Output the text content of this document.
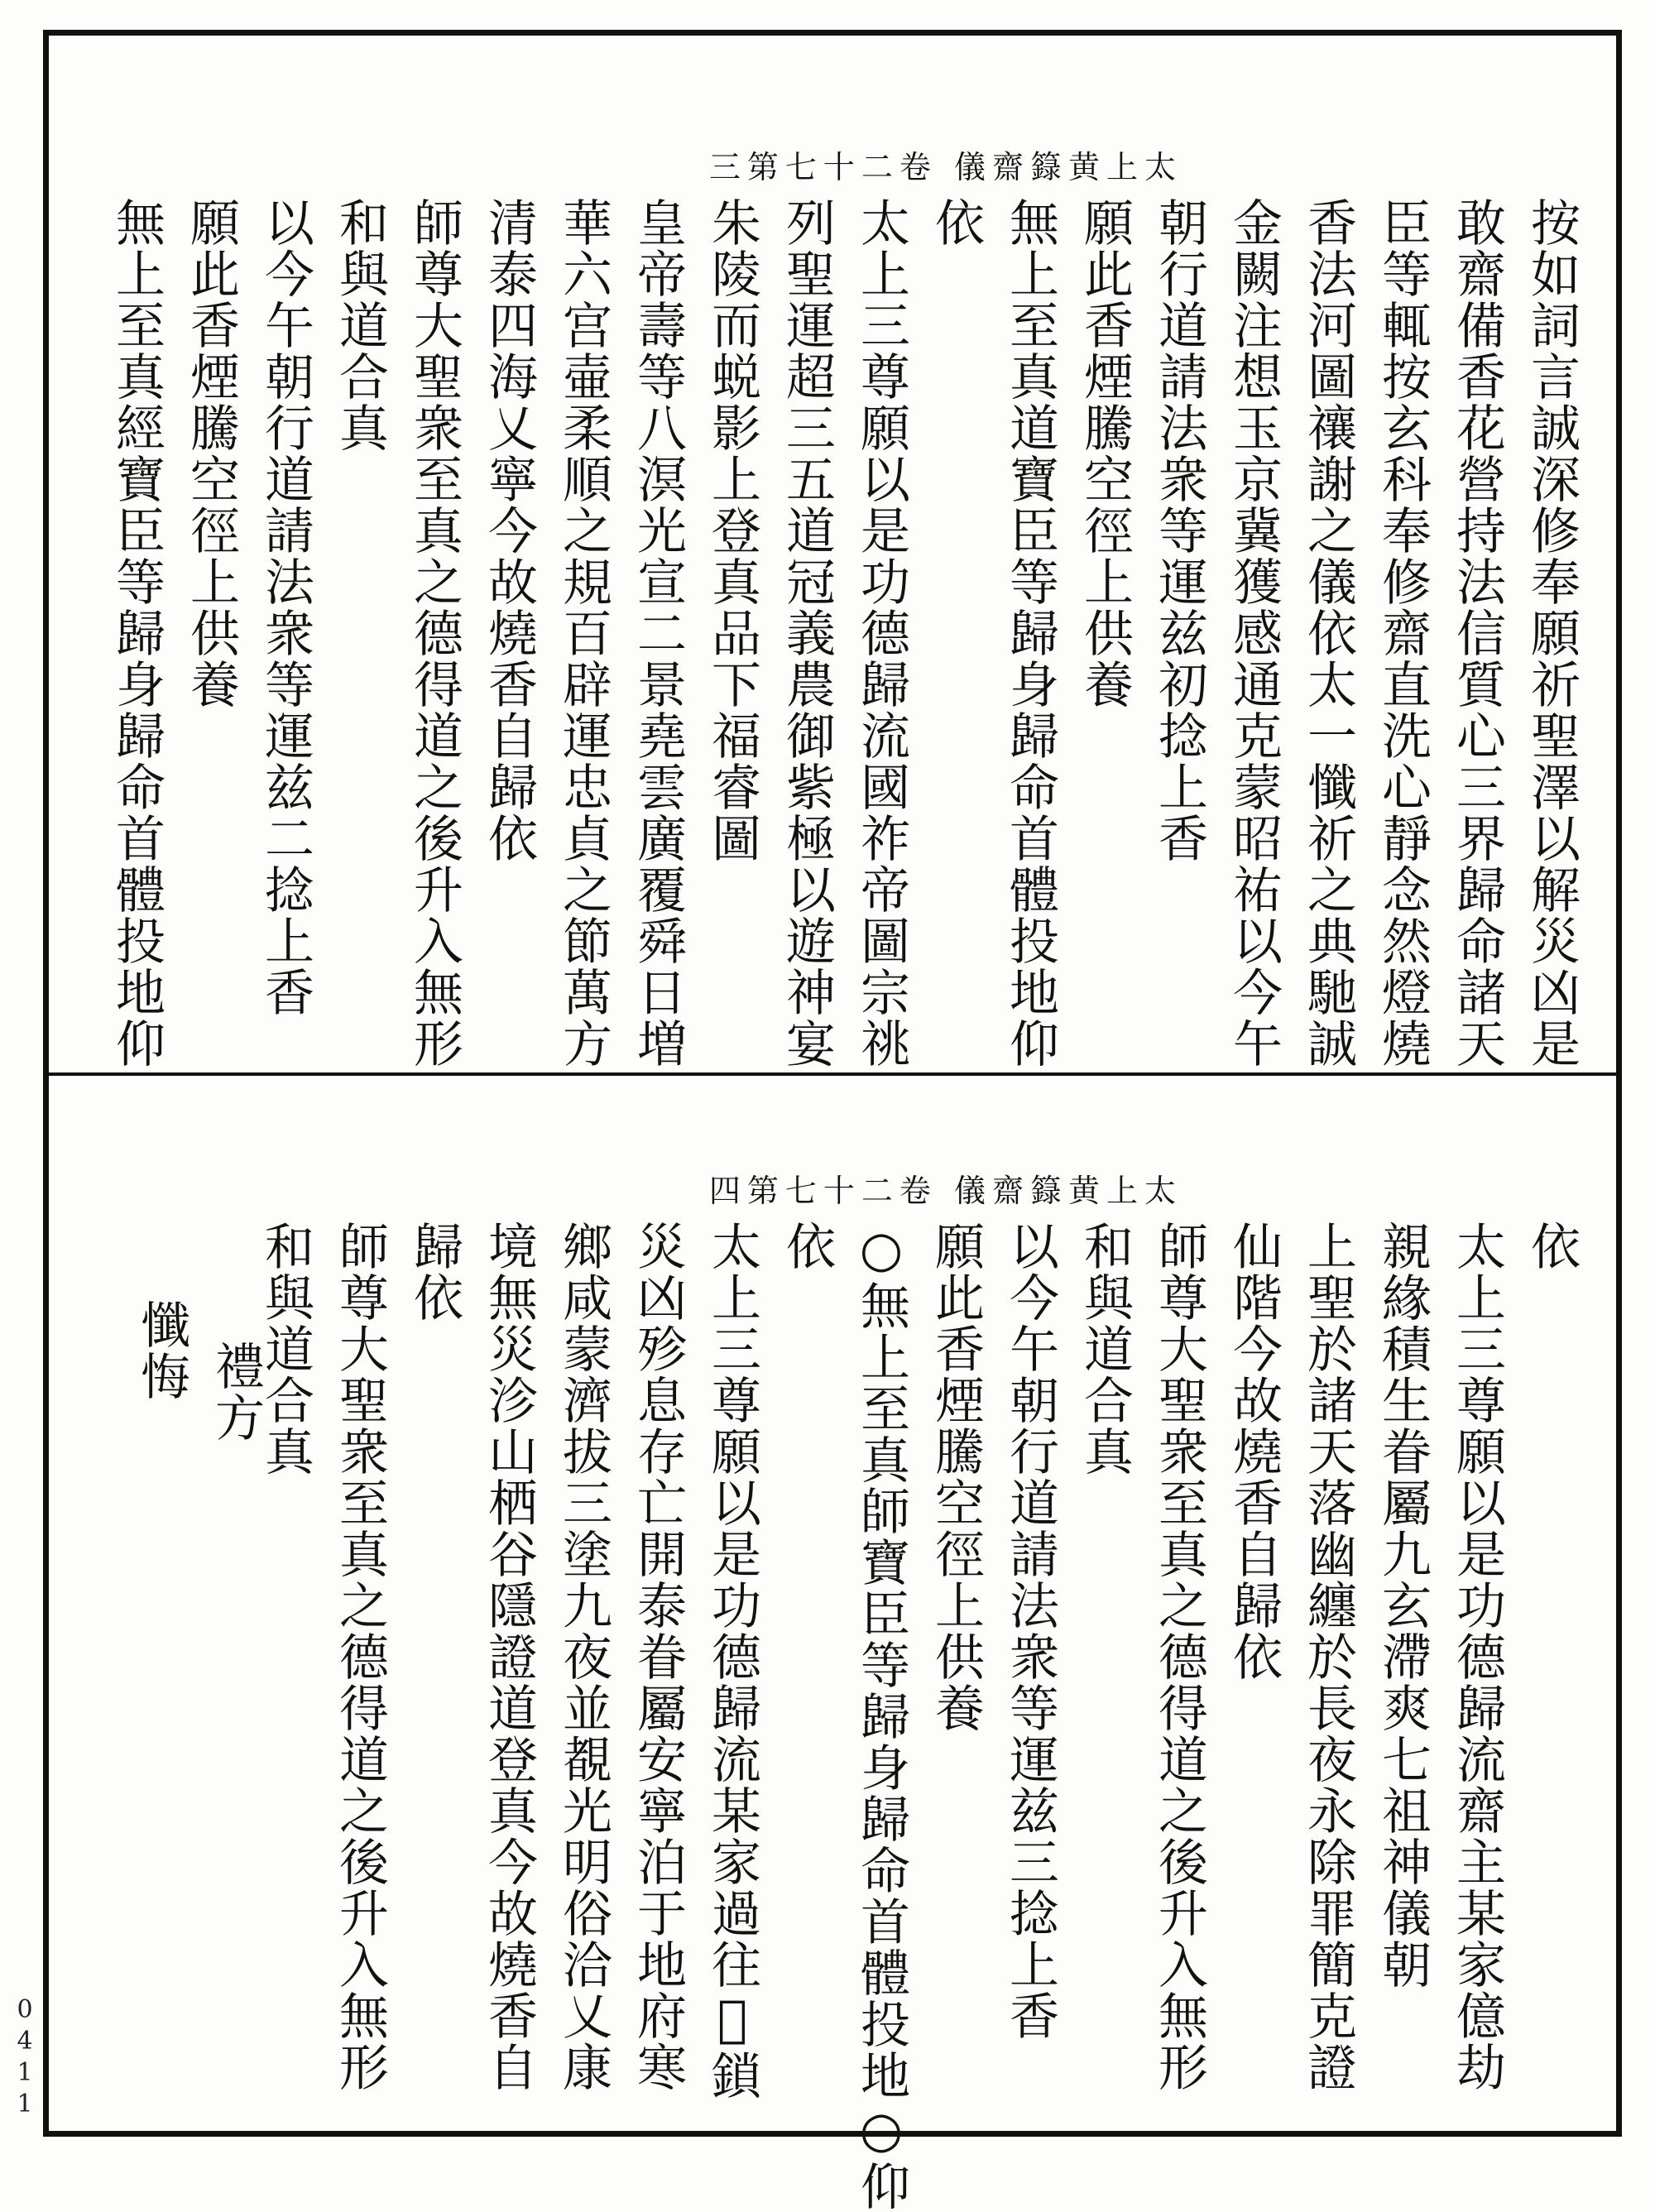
太上黄籙齋儀 卷二十七第三
按如詞言誠深修奉願祈聖澤以解災凶是
敢齋備香花營持法信質心三界歸命諸天
臣等輒按玄科奉修齋直洗心靜念然燈燒
香法河圖禳謝之儀依太一懺祈之典馳誠
金闕注想玉京冀獲感通克蒙昭祐以今午
朝行道請法衆等運兹初捻上香
願此香煙騰空徑上供養
無上至真道寶臣等歸身歸命首體投地仰
依
太上三尊願以是功德歸流國祚帝圖宗祧
列聖運超三五道冠義農御紫極以遊神宴
朱陵而蜕影上登真品下福睿圖
皇帝壽等八溟光宣二景堯雲廣覆舜日増
華六宫壷柔順之規百辟運忠貞之節萬方
清泰四海乂寧今故燒香自歸依
師尊大聖衆至真之德得道之後升入無形
和與道合真
以今午朝行道請法衆等運兹二捻上香
願此香煙騰空徑上供養
無上至真經寶臣等歸身歸命首體投地仰
太上黄籙齋儀 卷二十七第四
依
太上三尊願以是功德歸流齋主某家億劫
親緣積生眷屬九玄滯爽七祖神儀朝
上聖於諸天落幽纏於長夜永除罪簡克證
仙階今故燒香自歸依
師尊大聖衆至真之德得道之後升入無形
和與道合真
以今午朝行道請法衆等運兹三捻上香
願此香煙騰空徑上供養
○無上至真師寶臣等歸身歸命首體投地○仰
依
太上三尊願以是功德歸流某家過往𧧈鎖
災凶殄息存亡開泰眷屬安寧泊于地府寒
鄉咸蒙濟拔三塗九夜並覩光明俗洽乂康
境無災沴山栖谷隱證道登真今故燒香自
歸依
師尊大聖衆至真之德得道之後升入無形
和與道合真
禮方
懺悔
0
4
1
1
